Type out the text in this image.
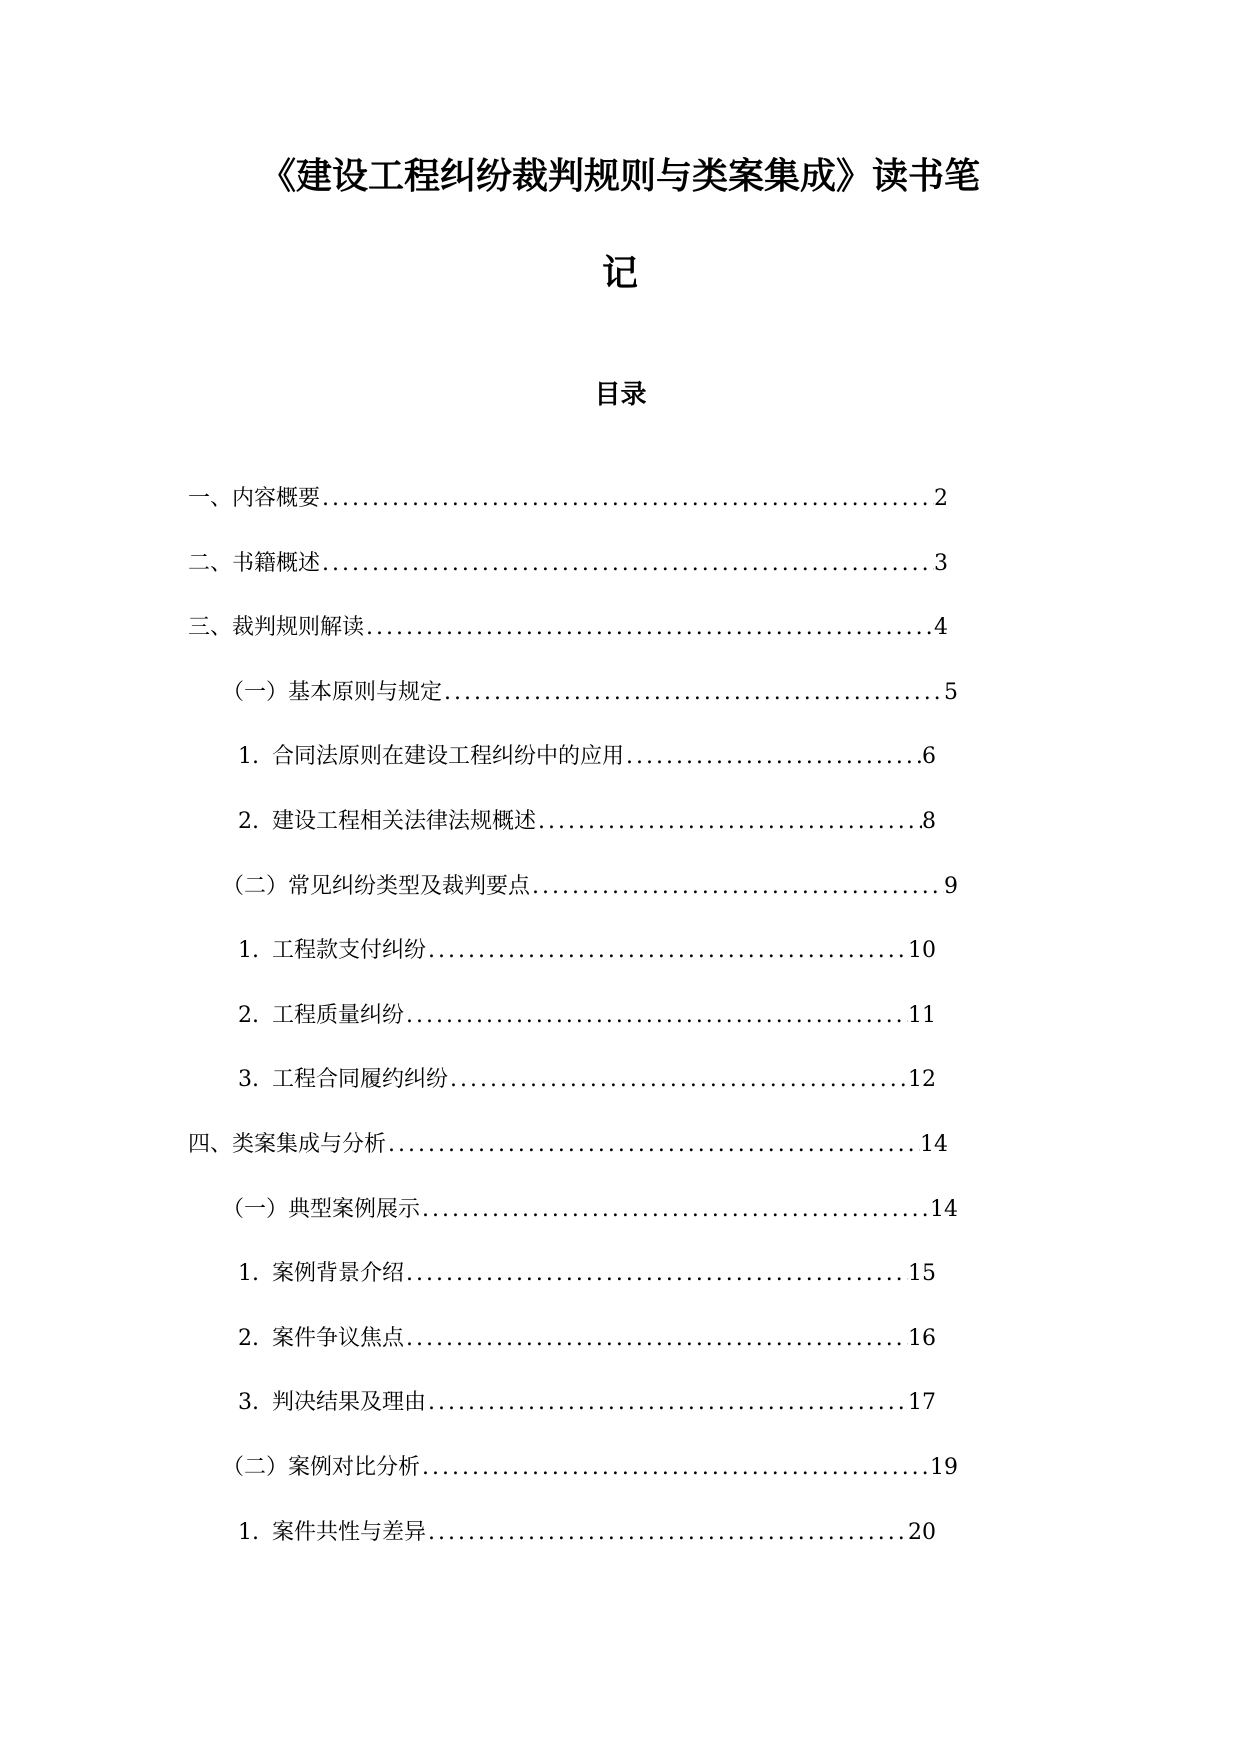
《建设工程纠纷裁判规则与类案集成》读书笔
记
目录
一、内容概要 .....	2
二、书籍概述 .....	3
三、裁判规则解读 .....	4
（一）基本原则与规定 .....	5
1. 合同法原则在建设工程纠纷中的应用 .....	6
2. 建设工程相关法律法规概述 .....	8
（二）常见纠纷类型及裁判要点 .....	9
1. 工程款支付纠纷 .....	10
2. 工程质量纠纷 .....	11
3. 工程合同履约纠纷 .....	12
四、类案集成与分析 .....	14
（一）典型案例展示 .....	14
1. 案例背景介绍 .....	15
2. 案件争议焦点 .....	16
3. 判决结果及理由 .....	17
（二）案例对比分析 .....	19
1. 案件共性与差异 .....	20
